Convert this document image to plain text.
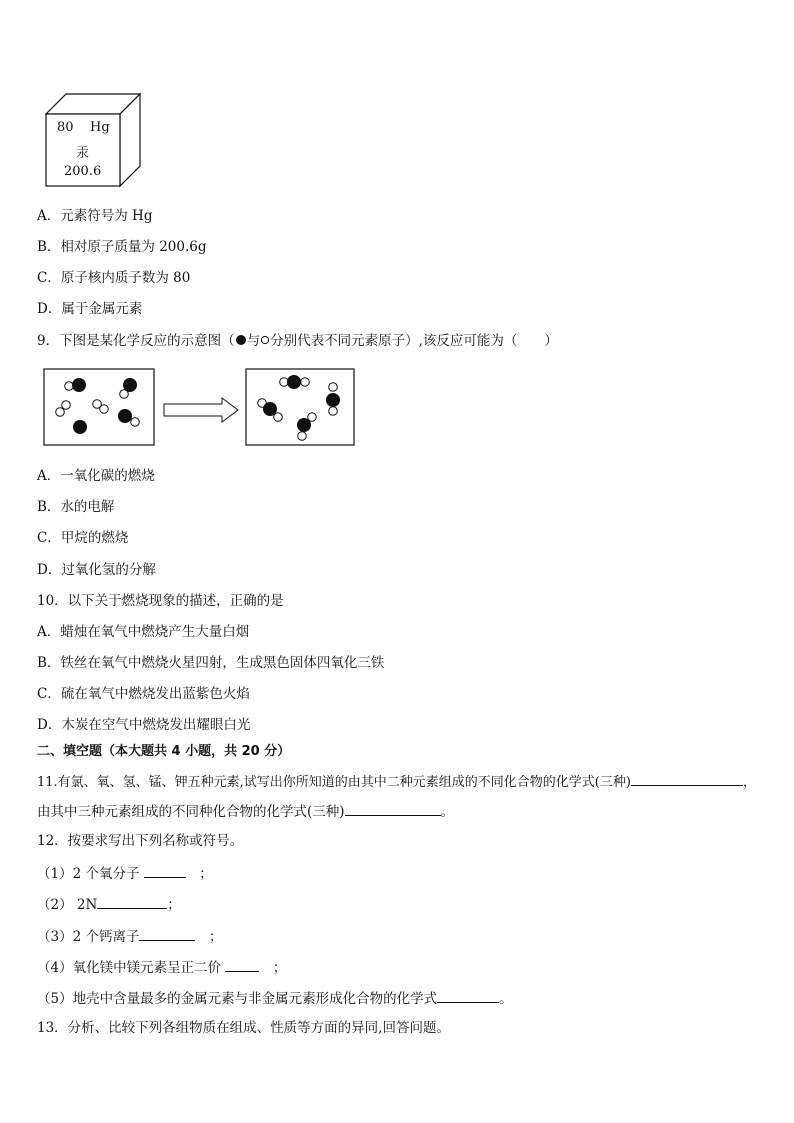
80 Hg
汞
200.6
A．元素符号为 Hg
B．相对原子质量为 200.6g
C．原子核内质子数为 80
D．属于金属元素
9．下图是某化学反应的示意图（ 与 分别代表不同元素原子）,该反应可能为（　　）
A．一氧化碳的燃烧
B．水的电解
C．甲烷的燃烧
D．过氧化氢的分解
10．以下关于燃烧现象的描述，正确的是
A．蜡烛在氧气中燃烧产生大量白烟
B．铁丝在氧气中燃烧火星四射，生成黑色固体四氧化三铁
C．硫在氧气中燃烧发出蓝紫色火焰
D．木炭在空气中燃烧发出耀眼白光
二、填空题（本大题共 4 小题，共 20 分）
11.有氯、氧、氢、锰、钾五种元素,试写出你所知道的由其中二种元素组成的不同化合物的化学式(三种)	，
由其中三种元素组成的不同种化合物的化学式(三种)	。
12．按要求写出下列名称或符号。
（1）2 个氧分子	　；
（2） 2N	；
（3）2 个钙离子	　；
（4）氧化镁中镁元素呈正二价	　；
（5）地壳中含量最多的金属元素与非金属元素形成化合物的化学式	。
13．分析、比较下列各组物质在组成、性质等方面的异同,回答问题。
